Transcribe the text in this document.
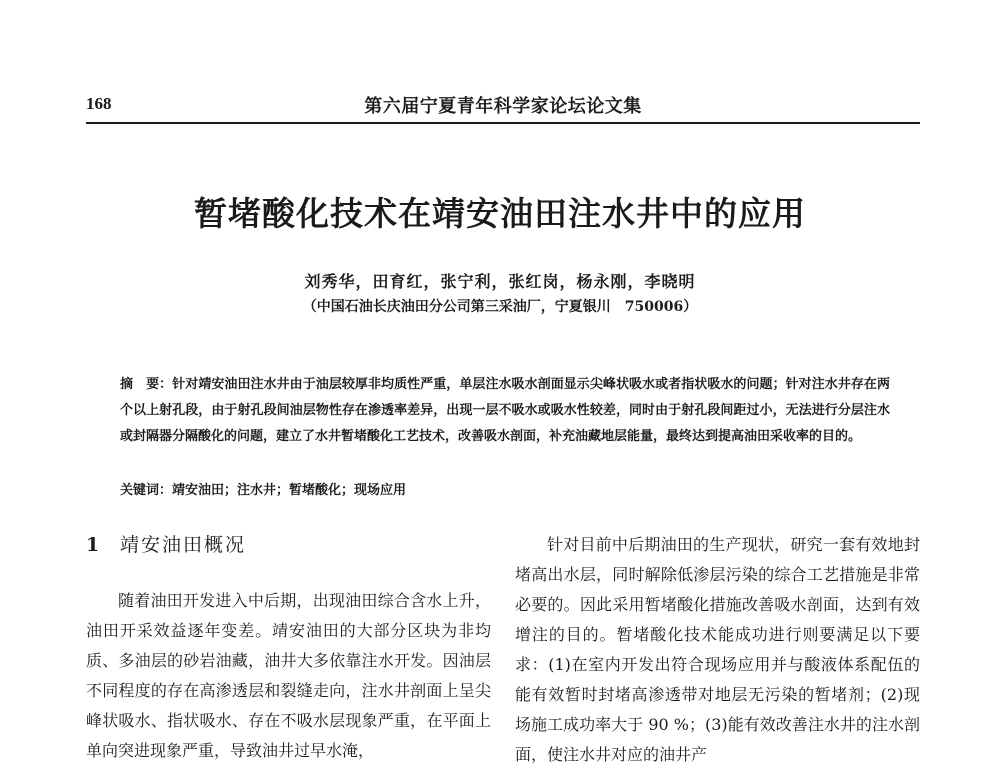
168	第六届宁夏青年科学家论坛论文集
暂堵酸化技术在靖安油田注水井中的应用
刘秀华，田育红，张宁利，张红岗，杨永刚，李晓明
（中国石油长庆油田分公司第三采油厂，宁夏银川　750006）
摘　要：针对靖安油田注水井由于油层较厚非均质性严重，单层注水吸水剖面显示尖峰状吸水或者指状吸水的问题；针对注水井存在两个以上射孔段，由于射孔段间油层物性存在渗透率差异，出现一层不吸水或吸水性较差，同时由于射孔段间距过小，无法进行分层注水或封隔器分隔酸化的问题，建立了水井暂堵酸化工艺技术，改善吸水剖面，补充油藏地层能量，最终达到提高油田采收率的目的。
关键词：靖安油田；注水井；暂堵酸化；现场应用
1 靖安油田概况

随着油田开发进入中后期，出现油田综合含水上升，油田开采效益逐年变差。靖安油田的大部分区块为非均质、多油层的砂岩油藏，油井大多依靠注水开发。因油层不同程度的存在高渗透层和裂缝走向，注水井剖面上呈尖峰状吸水、指状吸水、存在不吸水层现象严重，在平面上单向突进现象严重，导致油井过早水淹，

针对目前中后期油田的生产现状，研究一套有效地封堵高出水层，同时解除低渗层污染的综合工艺措施是非常必要的。因此采用暂堵酸化措施改善吸水剖面，达到有效增注的目的。暂堵酸化技术能成功进行则要满足以下要求：(1)在室内开发出符合现场应用并与酸液体系配伍的能有效暂时封堵高渗透带对地层无污染的暂堵剂；(2)现场施工成功率大于 90 %；(3)能有效改善注水井的注水剖面，使注水井对应的油井产
